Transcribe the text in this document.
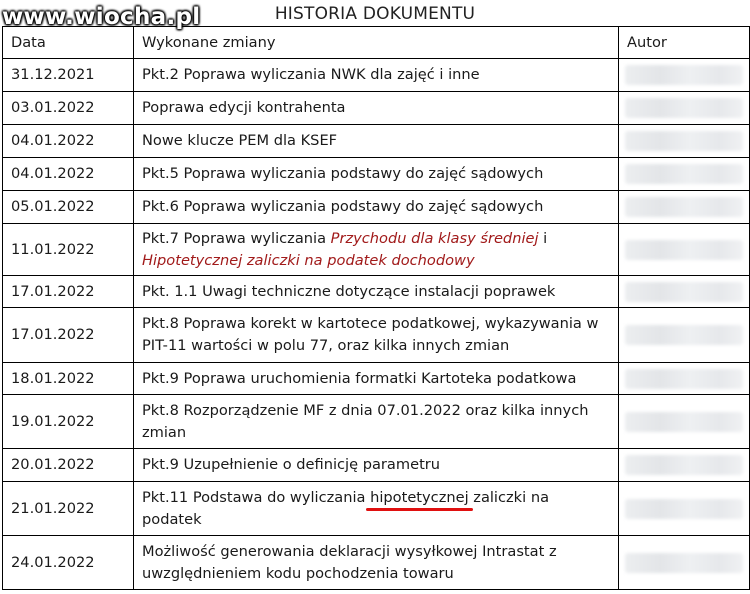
www.wiocha.pl	HISTORIA DOKUMENTU
Data	Wykonane zmiany	Autor
31.12.2021	Pkt.2 Poprawa wyliczania NWK dla zajęć i inne	

03.01.2022	Poprawa edycji kontrahenta	

04.01.2022	Nowe klucze PEM dla KSEF	

04.01.2022	Pkt.5 Poprawa wyliczania podstawy do zajęć sądowych	

05.01.2022	Pkt.6 Poprawa wyliczania podstawy do zajęć sądowych	

11.01.2022	Pkt.7 Poprawa wyliczania Przychodu dla klasy średniej i Hipotetycznej zaliczki na podatek dochodowy	

17.01.2022	Pkt. 1.1 Uwagi techniczne dotyczące instalacji poprawek	

17.01.2022	Pkt.8 Poprawa korekt w kartotece podatkowej, wykazywania w PIT-11 wartości w polu 77, oraz kilka innych zmian	

18.01.2022	Pkt.9 Poprawa uruchomienia formatki Kartoteka podatkowa	

19.01.2022	Pkt.8 Rozporządzenie MF z dnia 07.01.2022 oraz kilka innych zmian	

20.01.2022	Pkt.9 Uzupełnienie o definicję parametru	

21.01.2022	Pkt.11 Podstawa do wyliczania hipotetycznej zaliczki na podatek	

24.01.2022	Możliwość generowania deklaracji wysyłkowej Intrastat z uwzględnieniem kodu pochodzenia towaru	
